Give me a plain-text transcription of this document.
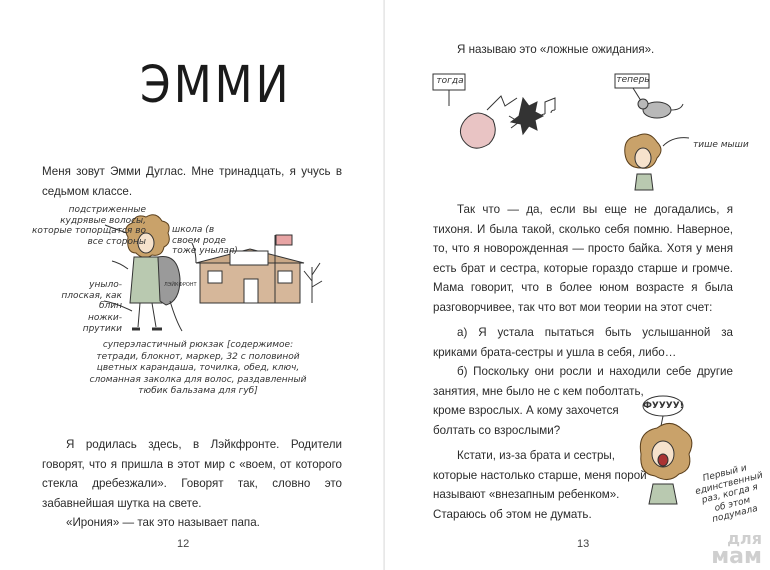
ЭММИ

Меня зовут Эмми Дуглас. Мне тринадцать, я учусь в седьмом классе.

ЛЭЙКФРОНТ
подстриженные кудрявые волосы, которые топорщатся во все стороны
школа (в своем роде тоже унылая)
унылo-плоская, как блин
ножки-прутики
суперэластичный рюкзак [содержимое: тетради, блокнот, маркер, 32 с половиной цветных карандаша, точилка, обед, ключ, сломанная заколка для волос, раздавленный тюбик бальзама для губ]

Я родилась здесь, в Лэйкфронте. Родители говорят, что я пришла в этот мир с «воем, от которого стекла дребезжали». Говорят так, словно это забавнейшая шутка на свете.

«Ирония» — так это называет папа.

12

Я называю это «ложные ожидания».

тогда	теперь
тише мыши

Так что — да, если вы еще не догадались, я тихоня. И была такой, сколько себя помню. Наверное, то, что я новорожденная — просто байка. Хотя у меня есть брат и сестра, которые гораздо старше и громче. Мама говорит, что в более юном возрасте я была разговорчивее, так что вот мои теории на этот счет:

а) Я устала пытаться быть услышанной за криками брата-сестры и ушла в себя, либо…

б) Поскольку они росли и находили себе другие занятия, мне было не с кем поболтать,

кроме взрослых. А кому захочется

болтать со взрослыми?

Кстати, из-за брата и сестры,

которые настолько старше, меня порой

называют «внезапным ребенком».

Стараюсь об этом не думать.

ФУУУУ!
Первый и единственный раз, когда я об этом подумала
13	для
мам
